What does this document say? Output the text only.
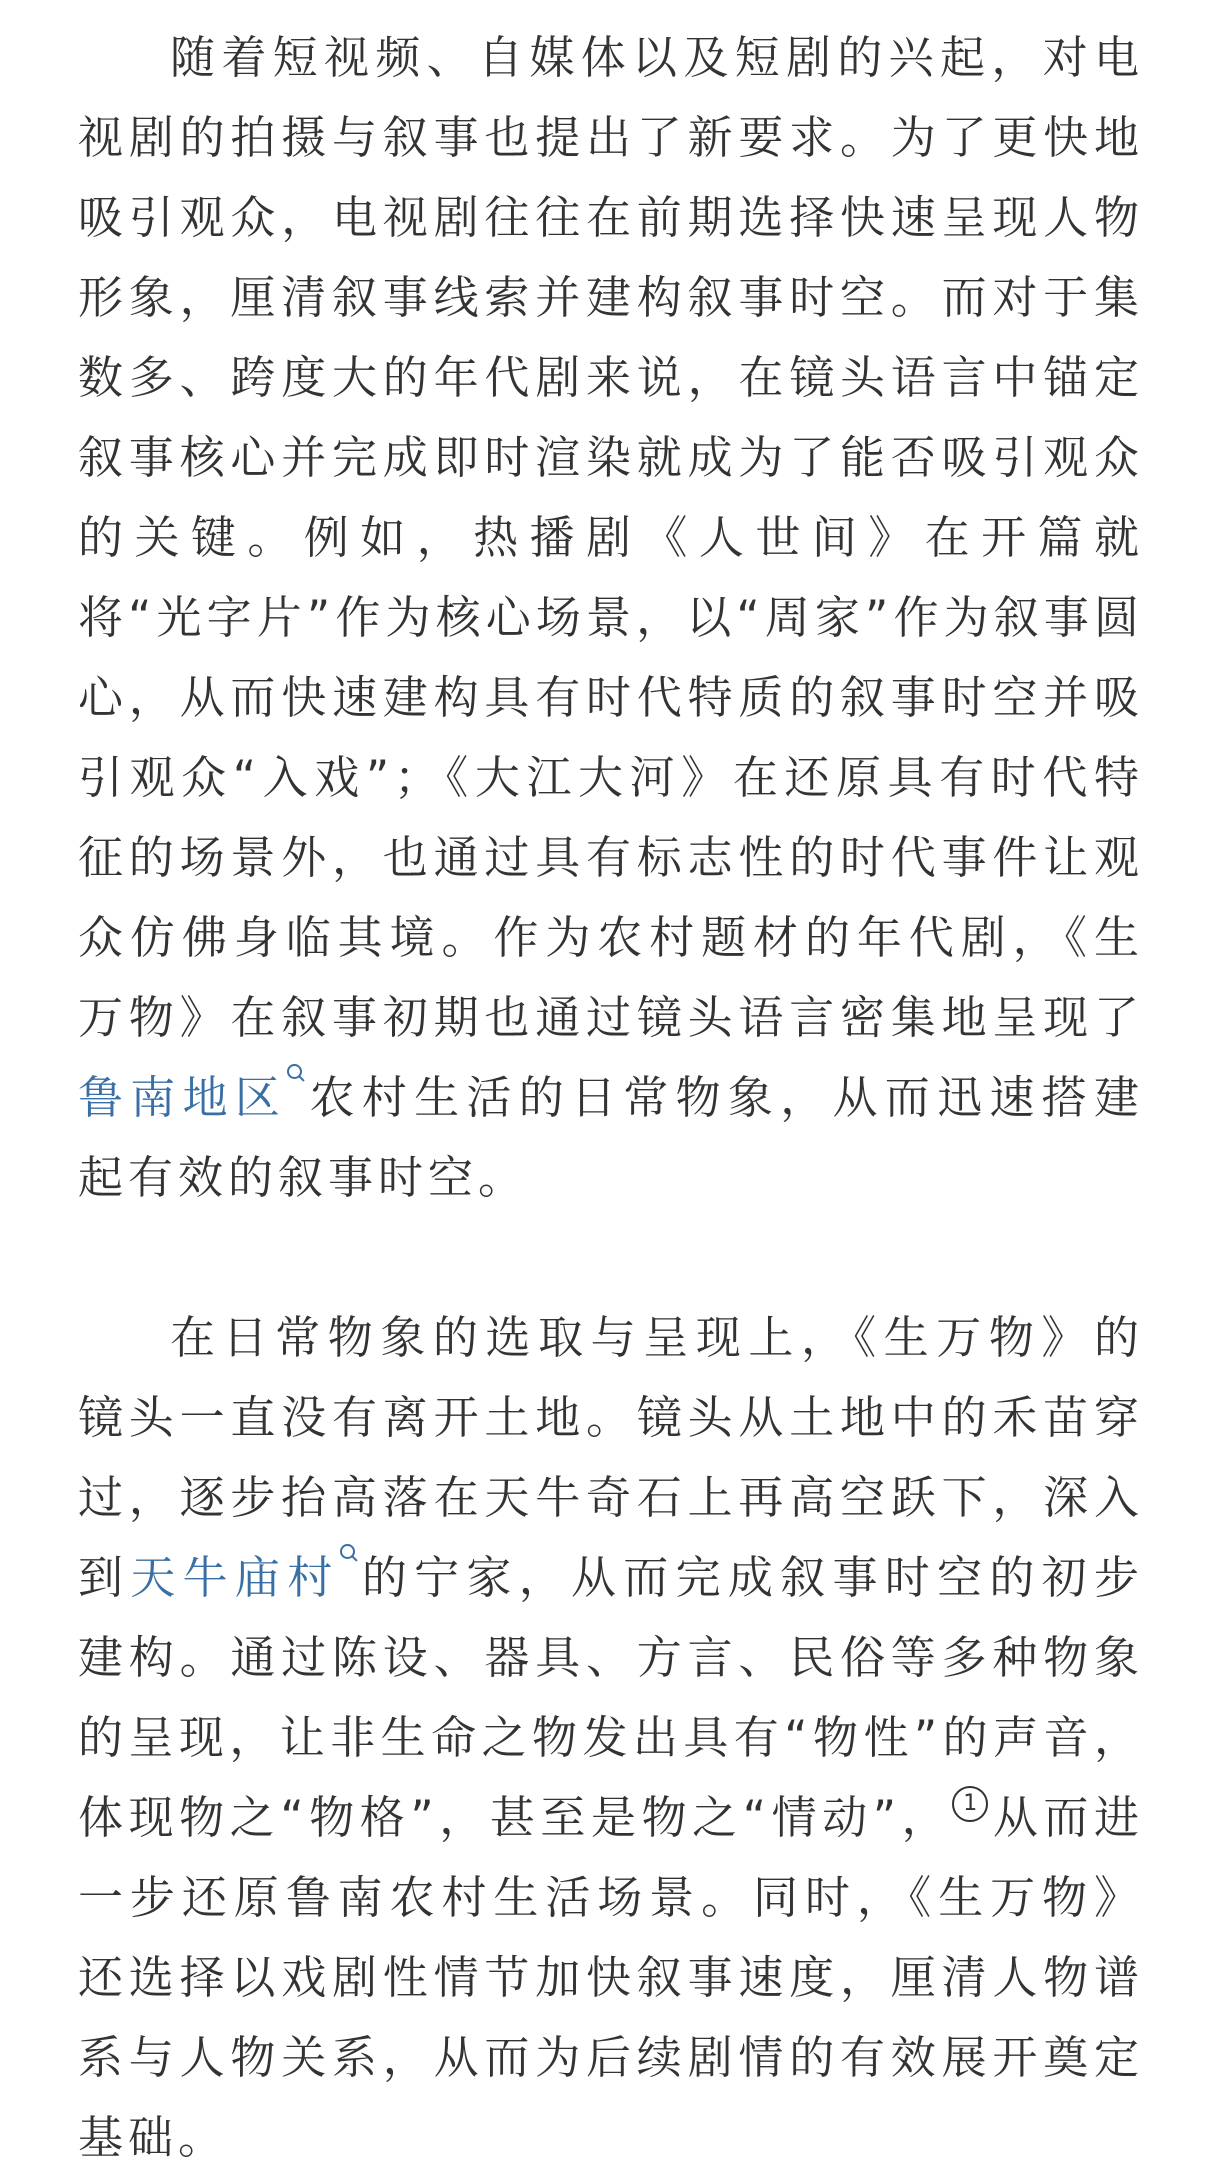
随着短视频、自媒体以及短剧的兴起，对电视剧的拍摄与叙事也提出了新要求。为了更快地吸引观众，电视剧往往在前期选择快速呈现人物形象，厘清叙事线索并建构叙事时空。而对于集数多、跨度大的年代剧来说，在镜头语言中锚定叙事核心并完成即时渲染就成为了能否吸引观众的关键。例如，热播剧《人世间》在开篇就将“光字片”作为核心场景，以“周家”作为叙事圆心，从而快速建构具有时代特质的叙事时空并吸引观众“入戏”；《大江大河》在还原具有时代特征的场景外，也通过具有标志性的时代事件让观众仿佛身临其境。作为农村题材的年代剧，《生万物》在叙事初期也通过镜头语言密集地呈现了鲁南地区 农村生活的日常物象，从而迅速搭建起有效的叙事时空。

在日常物象的选取与呈现上，《生万物》的镜头一直没有离开土地。镜头从土地中的禾苗穿过，逐步抬高落在天牛奇石上再高空跃下，深入到天牛庙村 的宁家，从而完成叙事时空的初步建构。通过陈设、器具、方言、民俗等多种物象的呈现，让非生命之物发出具有“物性”的声音，体现物之“物格”，甚至是物之“情动”， 1 从而进一步还原鲁南农村生活场景。同时，《生万物》还选择以戏剧性情节加快叙事速度，厘清人物谱系与人物关系，从而为后续剧情的有效展开奠定基础。
